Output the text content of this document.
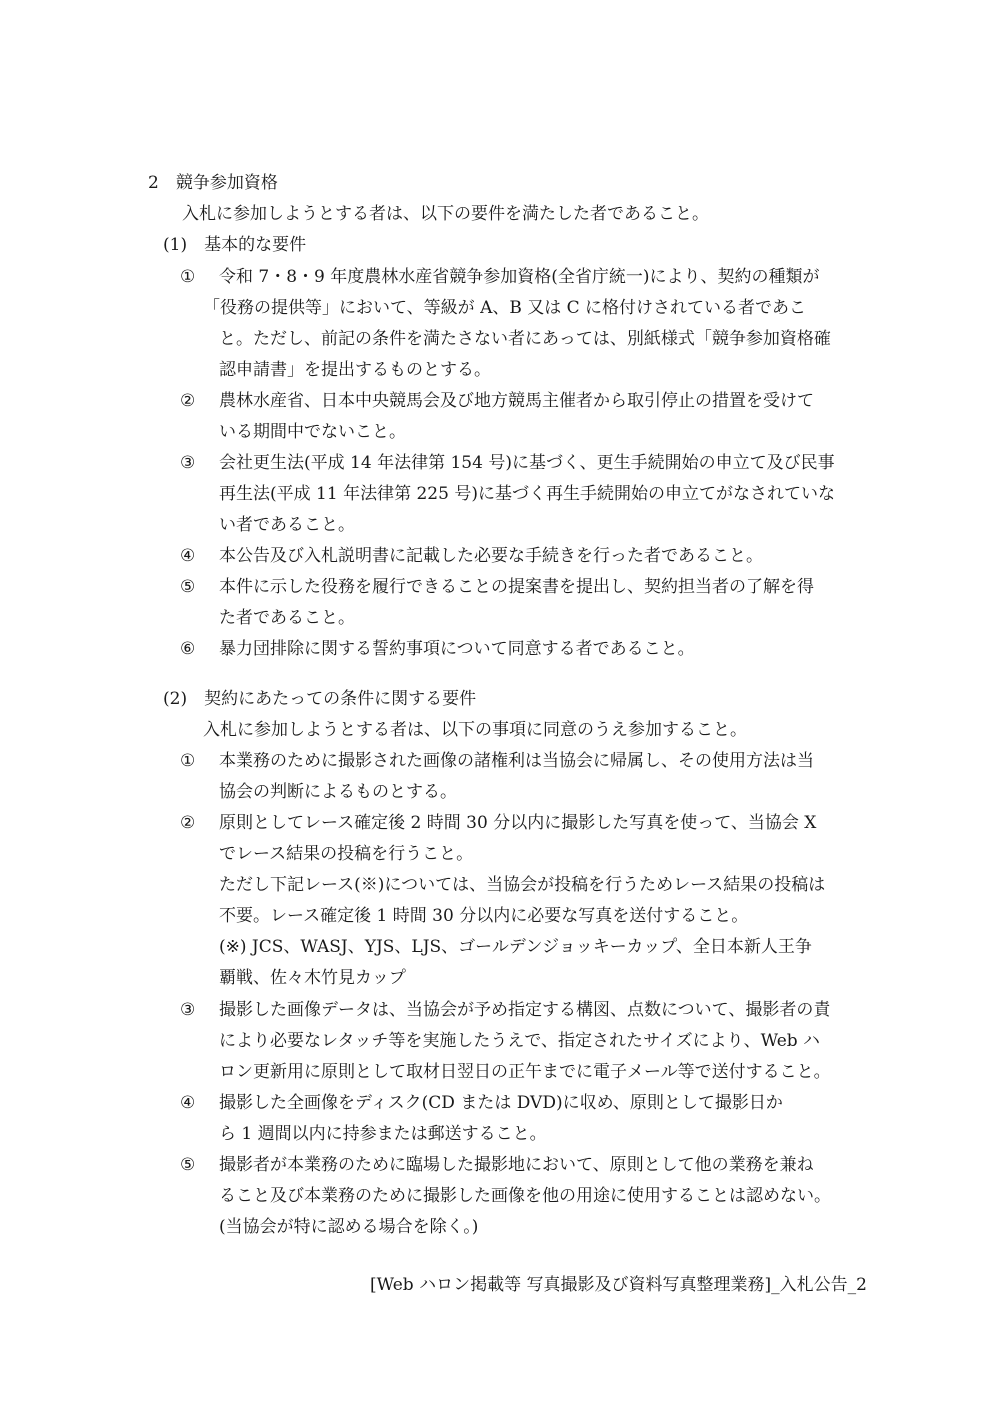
2　競争参加資格
入札に参加しようとする者は、以下の要件を満たした者であること。
(1)　基本的な要件
① 令和 7・8・9 年度農林水産省競争参加資格(全省庁統一)により、契約の種類が
「役務の提供等」において、等級が A、B 又は C に格付けされている者であこ
と。ただし、前記の条件を満たさない者にあっては、別紙様式「競争参加資格確
認申請書」を提出するものとする。
② 農林水産省、日本中央競馬会及び地方競馬主催者から取引停止の措置を受けて
いる期間中でないこと。
③ 会社更生法(平成 14 年法律第 154 号)に基づく、更生手続開始の申立て及び民事
再生法(平成 11 年法律第 225 号)に基づく再生手続開始の申立てがなされていな
い者であること。
④ 本公告及び入札説明書に記載した必要な手続きを行った者であること。
⑤ 本件に示した役務を履行できることの提案書を提出し、契約担当者の了解を得
た者であること。
⑥ 暴力団排除に関する誓約事項について同意する者であること。
(2)　契約にあたっての条件に関する要件
入札に参加しようとする者は、以下の事項に同意のうえ参加すること。
① 本業務のために撮影された画像の諸権利は当協会に帰属し、その使用方法は当
協会の判断によるものとする。
② 原則としてレース確定後 2 時間 30 分以内に撮影した写真を使って、当協会 X
でレース結果の投稿を行うこと。
ただし下記レース(※)については、当協会が投稿を行うためレース結果の投稿は
不要。レース確定後 1 時間 30 分以内に必要な写真を送付すること。
(※) JCS、WASJ、YJS、LJS、ゴールデンジョッキーカップ、全日本新人王争
覇戦、佐々木竹見カップ
③ 撮影した画像データは、当協会が予め指定する構図、点数について、撮影者の責
により必要なレタッチ等を実施したうえで、指定されたサイズにより、Web ハ
ロン更新用に原則として取材日翌日の正午までに電子メール等で送付すること。
④ 撮影した全画像をディスク(CD または DVD)に収め、原則として撮影日か
ら 1 週間以内に持参または郵送すること。
⑤ 撮影者が本業務のために臨場した撮影地において、原則として他の業務を兼ね
ること及び本業務のために撮影した画像を他の用途に使用することは認めない。
(当協会が特に認める場合を除く。)
[Web ハロン掲載等 写真撮影及び資料写真整理業務]_入札公告_2
